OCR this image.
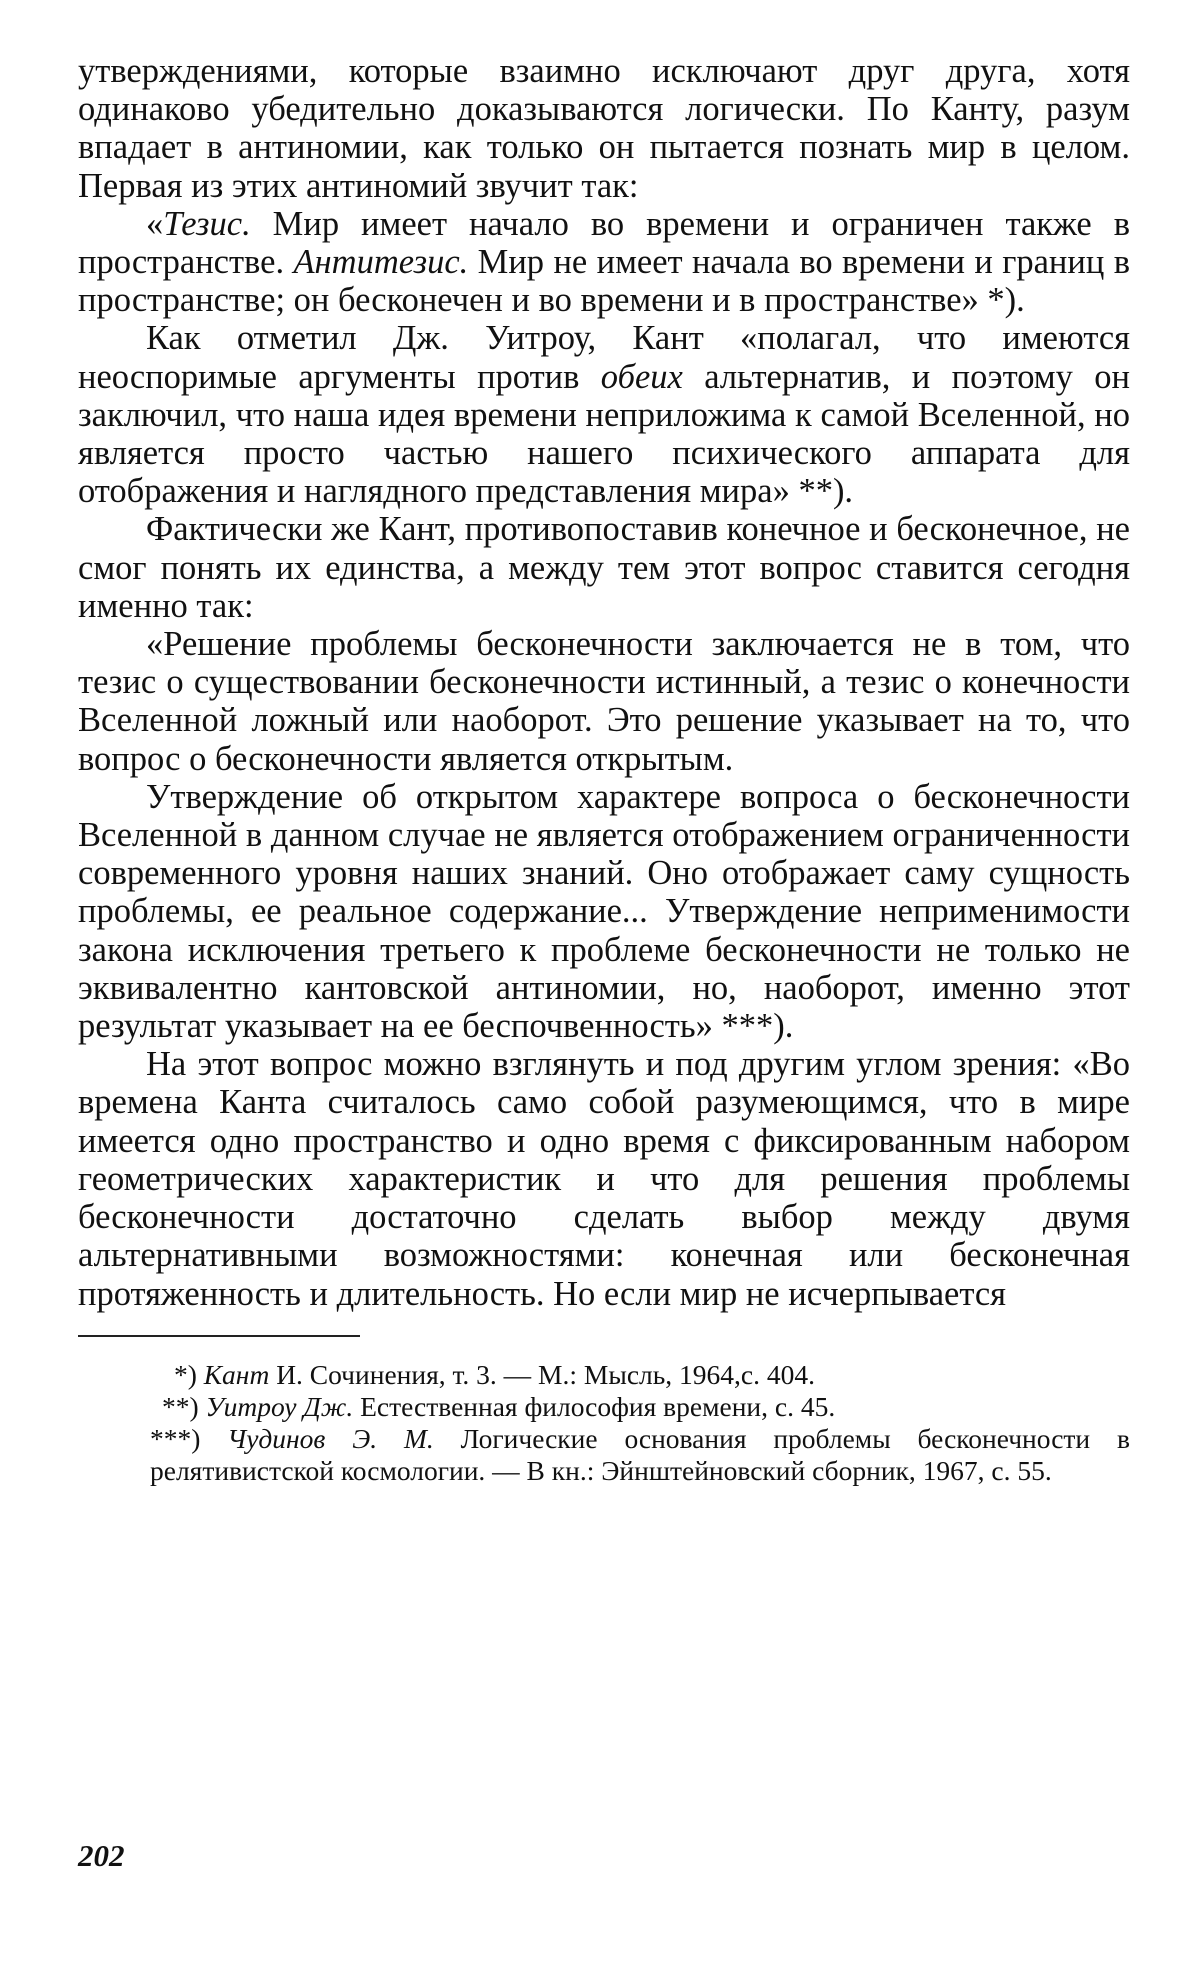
утверждениями, которые взаимно исключают друг друга, хотя одинаково убедительно доказываются логически. По Канту, разум впадает в антиномии, как только он пытается познать мир в целом. Первая из этих антиномий звучит так:

«Тезис. Мир имеет начало во времени и ограничен также в пространстве. Антитезис. Мир не имеет начала во времени и границ в пространстве; он бесконечен и во времени и в пространстве» *).

Как отметил Дж. Уитроу, Кант «полагал, что имеются неоспоримые аргументы против обеих альтернатив, и поэтому он заключил, что наша идея времени неприложима к самой Вселенной, но является просто частью нашего психического аппарата для отображения и наглядного представления мира» **).

Фактически же Кант, противопоставив конечное и бесконечное, не смог понять их единства, а между тем этот вопрос ставится сегодня именно так:

«Решение проблемы бесконечности заключается не в том, что тезис о существовании бесконечности истинный, а тезис о конечности Вселенной ложный или наоборот. Это решение указывает на то, что вопрос о бесконечности является открытым.

Утверждение об открытом характере вопроса о бесконечности Вселенной в данном случае не является отображением ограниченности современного уровня наших знаний. Оно отображает саму сущность проблемы, ее реальное содержание... Утверждение неприменимости закона исключения третьего к проблеме бесконечности не только не эквивалентно кантовской антиномии, но, наоборот, именно этот результат указывает на ее беспочвенность» ***).

На этот вопрос можно взглянуть и под другим углом зрения: «Во времена Канта считалось само собой разумеющимся, что в мире имеется одно пространство и одно время с фиксированным набором геометрических характеристик и что для решения проблемы бесконечности достаточно сделать выбор между двумя альтернативными возможностями: конечная или бесконечная протяженность и длительность. Но если мир не исчерпывается

*) Кант И. Сочинения, т. 3. — М.: Мысль, 1964,с. 404.

**) Уитроу Дж. Естественная философия времени, с. 45.

***) Чудинов Э. М. Логические основания проблемы бесконечности в релятивистской космологии. — В кн.: Эйнштейновский сборник, 1967, с. 55.

202
